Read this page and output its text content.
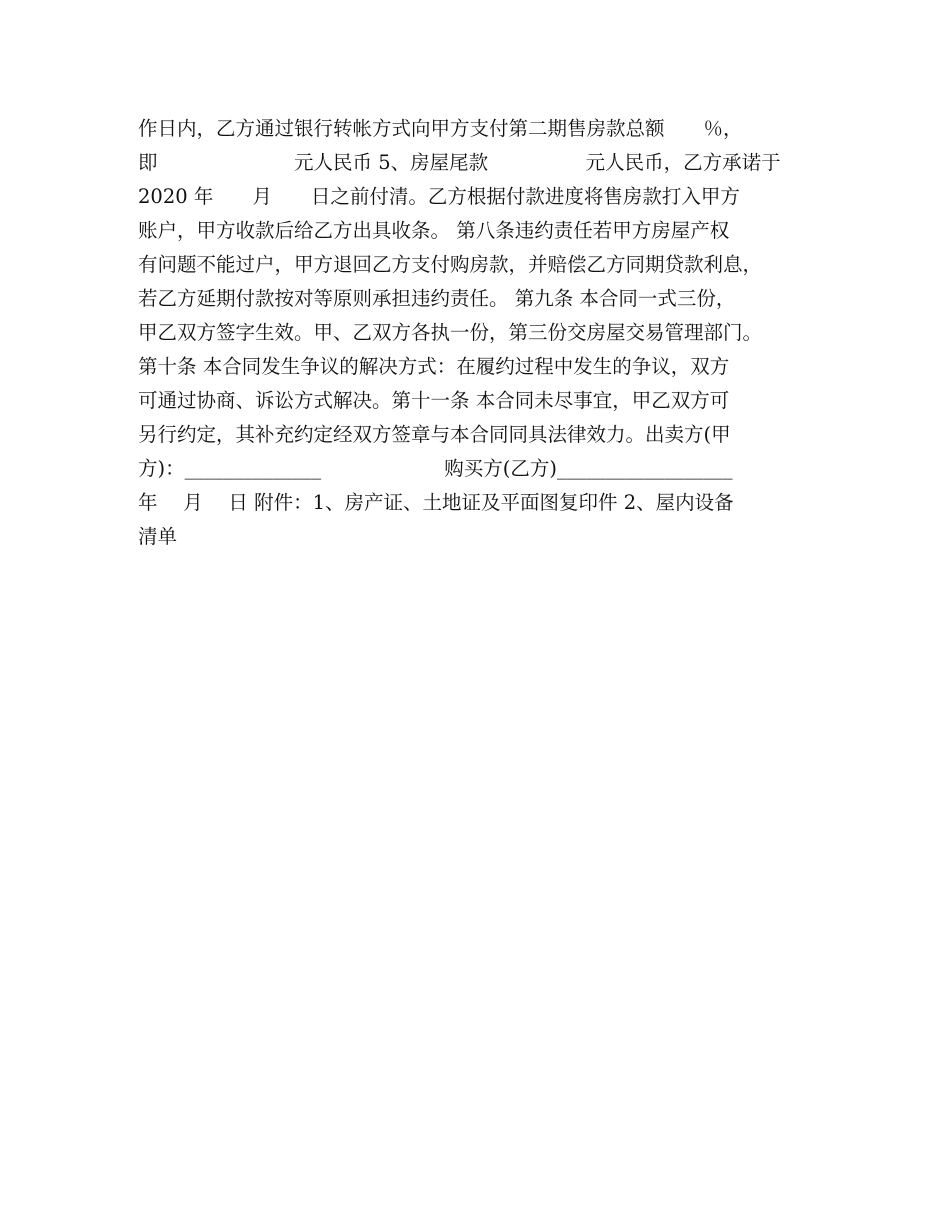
作日内，乙方通过银行转帐方式向甲方支付第二期售房款总额　　％，
即　　　　　　　元人民币 5、房屋尾款　　　　　元人民币，乙方承诺于
2020 年　　月　　日之前付清。乙方根据付款进度将售房款打入甲方
账户，甲方收款后给乙方出具收条。 第八条违约责任若甲方房屋产权
有问题不能过户，甲方退回乙方支付购房款，并赔偿乙方同期贷款利息，
若乙方延期付款按对等原则承担违约责任。 第九条 本合同一式三份，
甲乙双方签字生效。甲、乙双方各执一份，第三份交房屋交易管理部门。
第十条 本合同发生争议的解决方式：在履约过程中发生的争议，双方
可通过协商、诉讼方式解决。第十一条 本合同未尽事宜，甲乙双方可
另行约定，其补充约定经双方签章与本合同同具法律效力。出卖方(甲
方)：______________　　　　　　 购买方(乙方)__________________
年　 月　 日 附件：1、房产证、土地证及平面图复印件 2、屋内设备
清单
